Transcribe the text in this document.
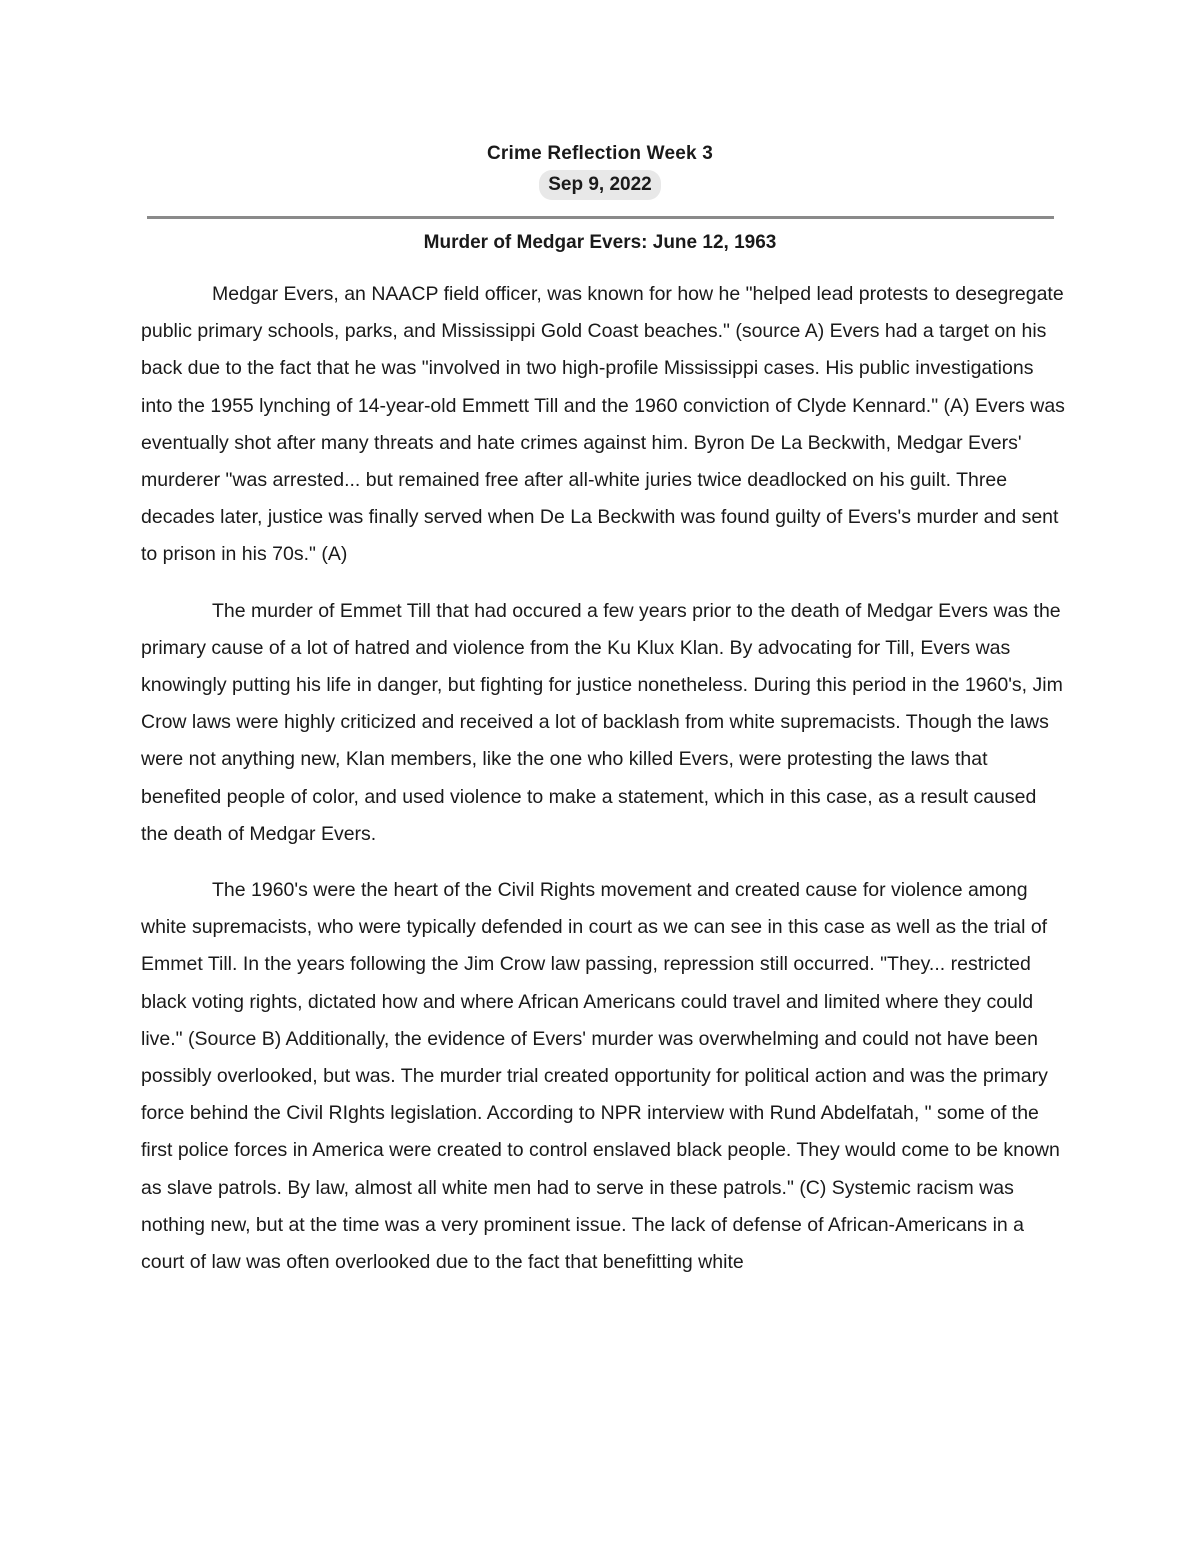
Crime Reflection Week 3
Sep 9, 2022
Murder of Medgar Evers: June 12, 1963

Medgar Evers, an NAACP field officer, was known for how he "helped lead protests to desegregate public primary schools, parks, and Mississippi Gold Coast beaches." (source A) Evers had a target on his back due to the fact that he was "involved in two high-profile Mississippi cases. His public investigations into the 1955 lynching of 14-year-old Emmett Till and the 1960 conviction of Clyde Kennard." (A) Evers was eventually shot after many threats and hate crimes against him. Byron De La Beckwith, Medgar Evers' murderer "was arrested... but remained free after all-white juries twice deadlocked on his guilt. Three decades later, justice was finally served when De La Beckwith was found guilty of Evers's murder and sent to prison in his 70s." (A)

The murder of Emmet Till that had occured a few years prior to the death of Medgar Evers was the primary cause of a lot of hatred and violence from the Ku Klux Klan. By advocating for Till, Evers was knowingly putting his life in danger, but fighting for justice nonetheless. During this period in the 1960's, Jim Crow laws were highly criticized and received a lot of backlash from white supremacists. Though the laws were not anything new, Klan members, like the one who killed Evers, were protesting the laws that benefited people of color, and used violence to make a statement, which in this case, as a result caused the death of Medgar Evers.

The 1960's were the heart of the Civil Rights movement and created cause for violence among white supremacists, who were typically defended in court as we can see in this case as well as the trial of Emmet Till. In the years following the Jim Crow law passing, repression still occurred. "They... restricted black voting rights, dictated how and where African Americans could travel and limited where they could live." (Source B) Additionally, the evidence of Evers' murder was overwhelming and could not have been possibly overlooked, but was. The murder trial created opportunity for political action and was the primary force behind the Civil RIghts legislation. According to NPR interview with Rund Abdelfatah, " some of the first police forces in America were created to control enslaved black people. They would come to be known as slave patrols. By law, almost all white men had to serve in these patrols." (C) Systemic racism was nothing new, but at the time was a very prominent issue. The lack of defense of African-Americans in a court of law was often overlooked due to the fact that benefitting white
